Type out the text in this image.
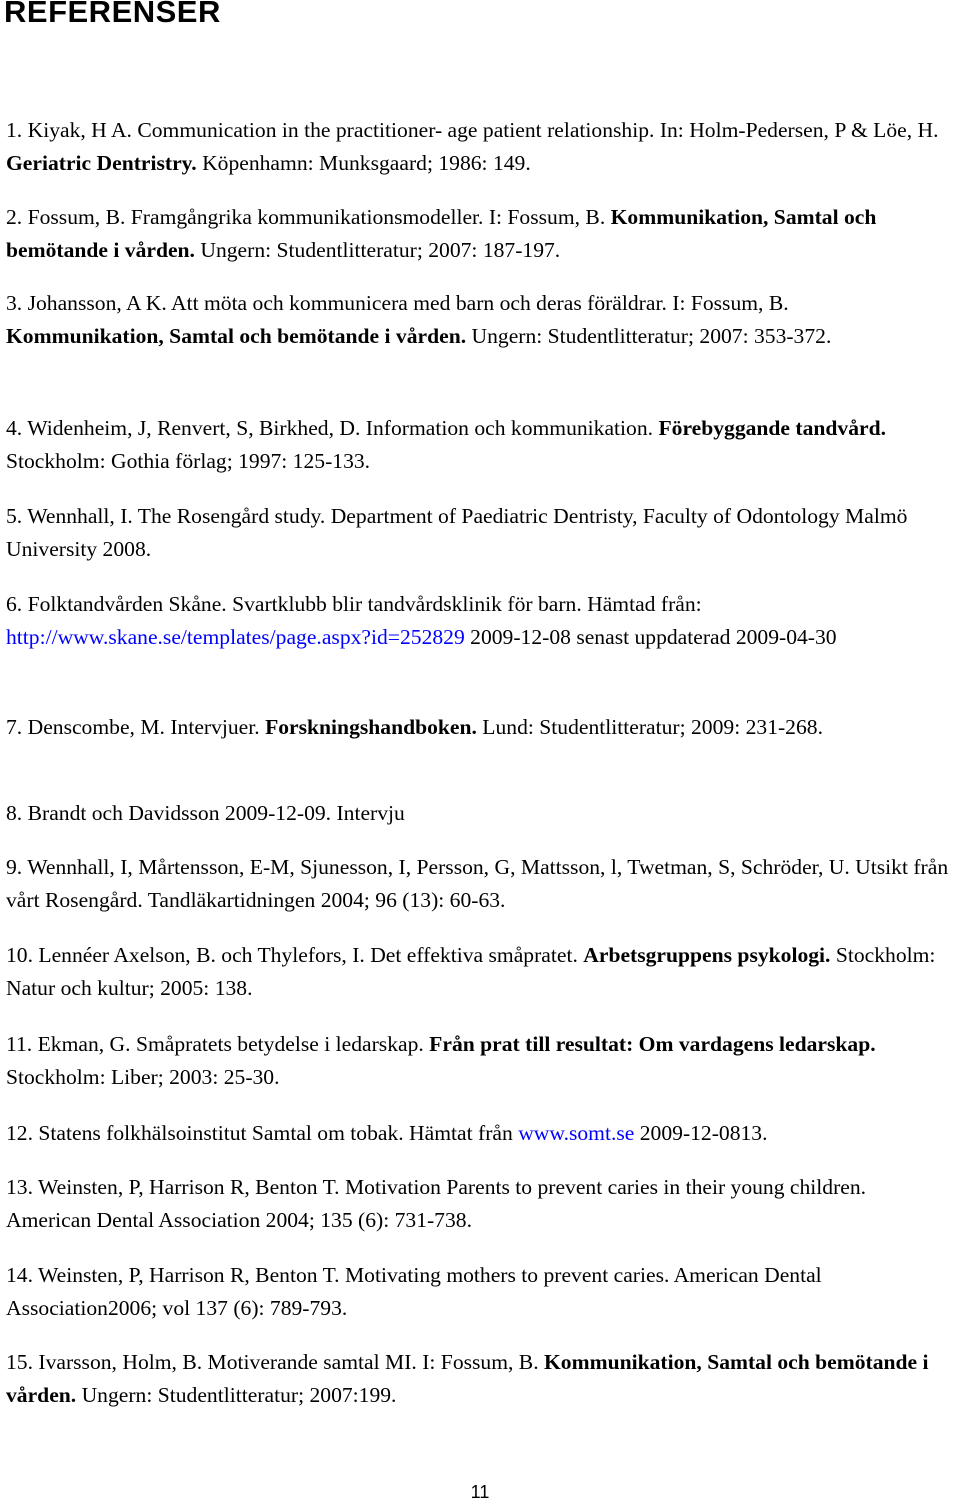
REFERENSER

1. Kiyak, H A. Communication in the practitioner- age patient relationship. In: Holm-Pedersen, P & Löe, H. Geriatric Dentristry. Köpenhamn: Munksgaard; 1986: 149.

2. Fossum, B. Framgångrika kommunikationsmodeller. I: Fossum, B. Kommunikation, Samtal och bemötande i vården. Ungern: Studentlitteratur; 2007: 187-197.

3. Johansson, A K. Att möta och kommunicera med barn och deras föräldrar. I: Fossum, B. Kommunikation, Samtal och bemötande i vården. Ungern: Studentlitteratur; 2007: 353-372.

4. Widenheim, J, Renvert, S, Birkhed, D. Information och kommunikation. Förebyggande tandvård. Stockholm: Gothia förlag; 1997: 125-133.

5. Wennhall, I. The Rosengård study. Department of Paediatric Dentristy, Faculty of Odontology Malmö University 2008.

6. Folktandvården Skåne. Svartklubb blir tandvårdsklinik för barn. Hämtad från: http://www.skane.se/templates/page.aspx?id=252829 2009-12-08 senast uppdaterad 2009-04-30

7. Denscombe, M. Intervjuer. Forskningshandboken. Lund: Studentlitteratur; 2009: 231-268.

8. Brandt och Davidsson 2009-12-09. Intervju

9. Wennhall, I, Mårtensson, E-M, Sjunesson, I, Persson, G, Mattsson, l, Twetman, S, Schröder, U. Utsikt från vårt Rosengård. Tandläkartidningen 2004; 96 (13): 60-63.

10. Lennéer Axelson, B. och Thylefors, I. Det effektiva småpratet. Arbetsgruppens psykologi. Stockholm: Natur och kultur; 2005: 138.

11. Ekman, G. Småpratets betydelse i ledarskap. Från prat till resultat: Om vardagens ledarskap. Stockholm: Liber; 2003: 25-30.

12. Statens folkhälsoinstitut Samtal om tobak. Hämtat från www.somt.se 2009-12-0813.

13. Weinsten, P, Harrison R, Benton T. Motivation Parents to prevent caries in their young children. American Dental Association 2004; 135 (6): 731-738.

14. Weinsten, P, Harrison R, Benton T. Motivating mothers to prevent caries. American Dental Association2006; vol 137 (6): 789-793.

15. Ivarsson, Holm, B. Motiverande samtal MI. I: Fossum, B. Kommunikation, Samtal och bemötande i vården. Ungern: Studentlitteratur; 2007:199.

11
